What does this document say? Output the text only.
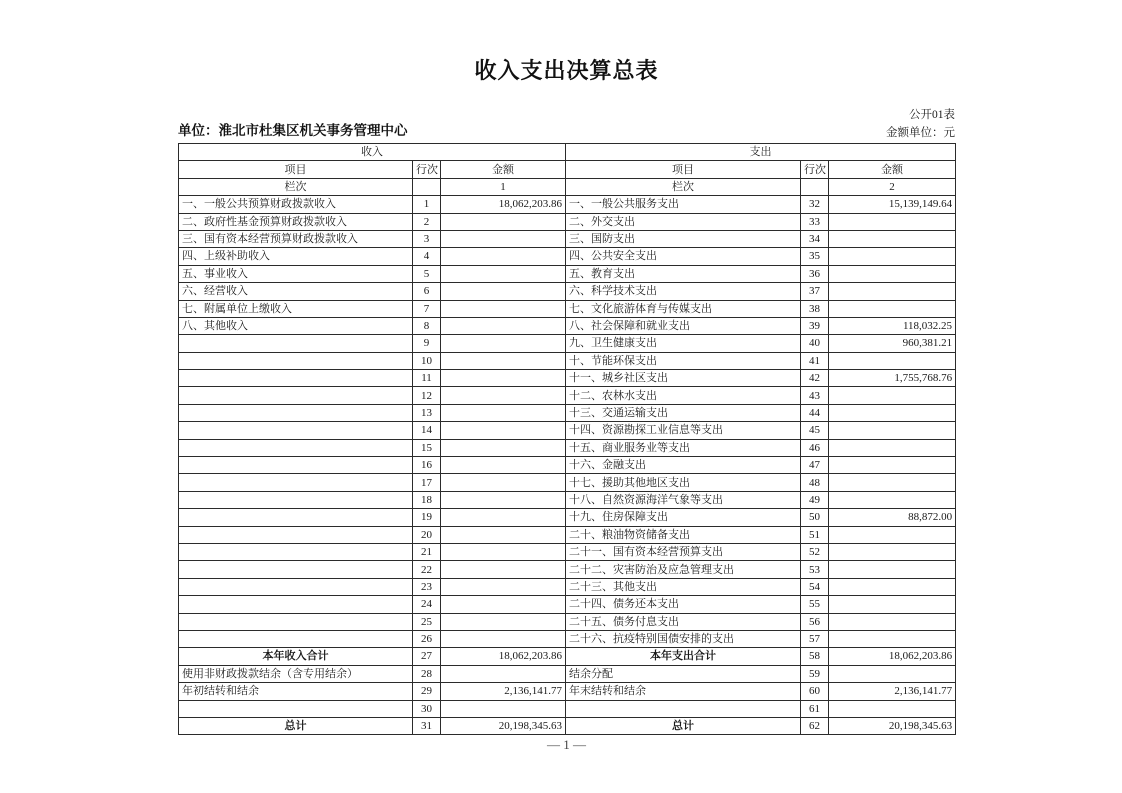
收入支出决算总表
公开01表
单位：淮北市杜集区机关事务管理中心	金额单位：元
收入			支出		
项目	行次	金额	项目	行次	金额
栏次		1	栏次		2
一、一般公共预算财政拨款收入	1	18,062,203.86	一、一般公共服务支出	32	15,139,149.64
二、政府性基金预算财政拨款收入	2		二、外交支出	33	
三、国有资本经营预算财政拨款收入	3		三、国防支出	34	
四、上级补助收入	4		四、公共安全支出	35	
五、事业收入	5		五、教育支出	36	
六、经营收入	6		六、科学技术支出	37	
七、附属单位上缴收入	7		七、文化旅游体育与传媒支出	38	
八、其他收入	8		八、社会保障和就业支出	39	118,032.25
	9		九、卫生健康支出	40	960,381.21
	10		十、节能环保支出	41	
	11		十一、城乡社区支出	42	1,755,768.76
	12		十二、农林水支出	43	
	13		十三、交通运输支出	44	
	14		十四、资源勘探工业信息等支出	45	
	15		十五、商业服务业等支出	46	
	16		十六、金融支出	47	
	17		十七、援助其他地区支出	48	
	18		十八、自然资源海洋气象等支出	49	
	19		十九、住房保障支出	50	88,872.00
	20		二十、粮油物资储备支出	51	
	21		二十一、国有资本经营预算支出	52	
	22		二十二、灾害防治及应急管理支出	53	
	23		二十三、其他支出	54	
	24		二十四、债务还本支出	55	
	25		二十五、债务付息支出	56	
	26		二十六、抗疫特别国债安排的支出	57	
本年收入合计	27	18,062,203.86	本年支出合计	58	18,062,203.86
使用非财政拨款结余（含专用结余）	28		结余分配	59	
年初结转和结余	29	2,136,141.77	年末结转和结余	60	2,136,141.77
	30			61	
总计	31	20,198,345.63	总计	62	20,198,345.63
— 1 —
